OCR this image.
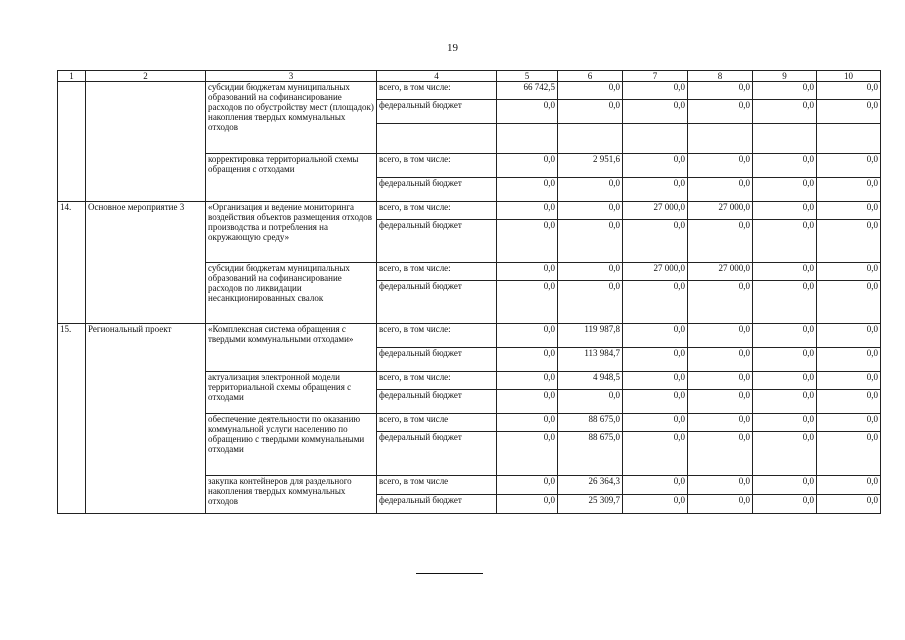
19
1	2	3	4	5	6	7	8	9	10
		субсидии бюджетам муниципальных образований на софинансирование расходов по обустройству мест (площадок) накопления твердых коммунальных отходов	всего, в том числе:	66 742,5	0,0	0,0	0,0	0,0	0,0
			федеральный бюджет	0,0	0,0	0,0	0,0	0,0	0,0

		корректировка территориальной схемы обращения с отходами	всего, в том числе:	0,0	2 951,6	0,0	0,0	0,0	0,0
			федеральный бюджет	0,0	0,0	0,0	0,0	0,0	0,0
14.	Основное мероприятие 3	«Организация и ведение мониторинга воздействия объектов размещения отходов производства и потребления на окружающую среду»	всего, в том числе:	0,0	0,0	27 000,0	27 000,0	0,0	0,0
			федеральный бюджет	0,0	0,0	0,0	0,0	0,0	0,0
		субсидии бюджетам муниципальных образований на софинансирование расходов по ликвидации несанкционированных свалок	всего, в том числе:	0,0	0,0	27 000,0	27 000,0	0,0	0,0
			федеральный бюджет	0,0	0,0	0,0	0,0	0,0	0,0
15.	Региональный проект	«Комплексная система обращения с твердыми коммунальными отходами»	всего, в том числе:	0,0	119 987,8	0,0	0,0	0,0	0,0
			федеральный бюджет	0,0	113 984,7	0,0	0,0	0,0	0,0
		актуализация электронной модели территориальной схемы обращения с отходами	всего, в том числе:	0,0	4 948,5	0,0	0,0	0,0	0,0
			федеральный бюджет	0,0	0,0	0,0	0,0	0,0	0,0
		обеспечение деятельности по оказанию коммунальной услуги населению по обращению с твердыми коммунальными отходами	всего, в том числе	0,0	88 675,0	0,0	0,0	0,0	0,0
			федеральный бюджет	0,0	88 675,0	0,0	0,0	0,0	0,0
		закупка контейнеров для раздельного накопления твердых коммунальных отходов	всего, в том числе	0,0	26 364,3	0,0	0,0	0,0	0,0
			федеральный бюджет	0,0	25 309,7	0,0	0,0	0,0	0,0
